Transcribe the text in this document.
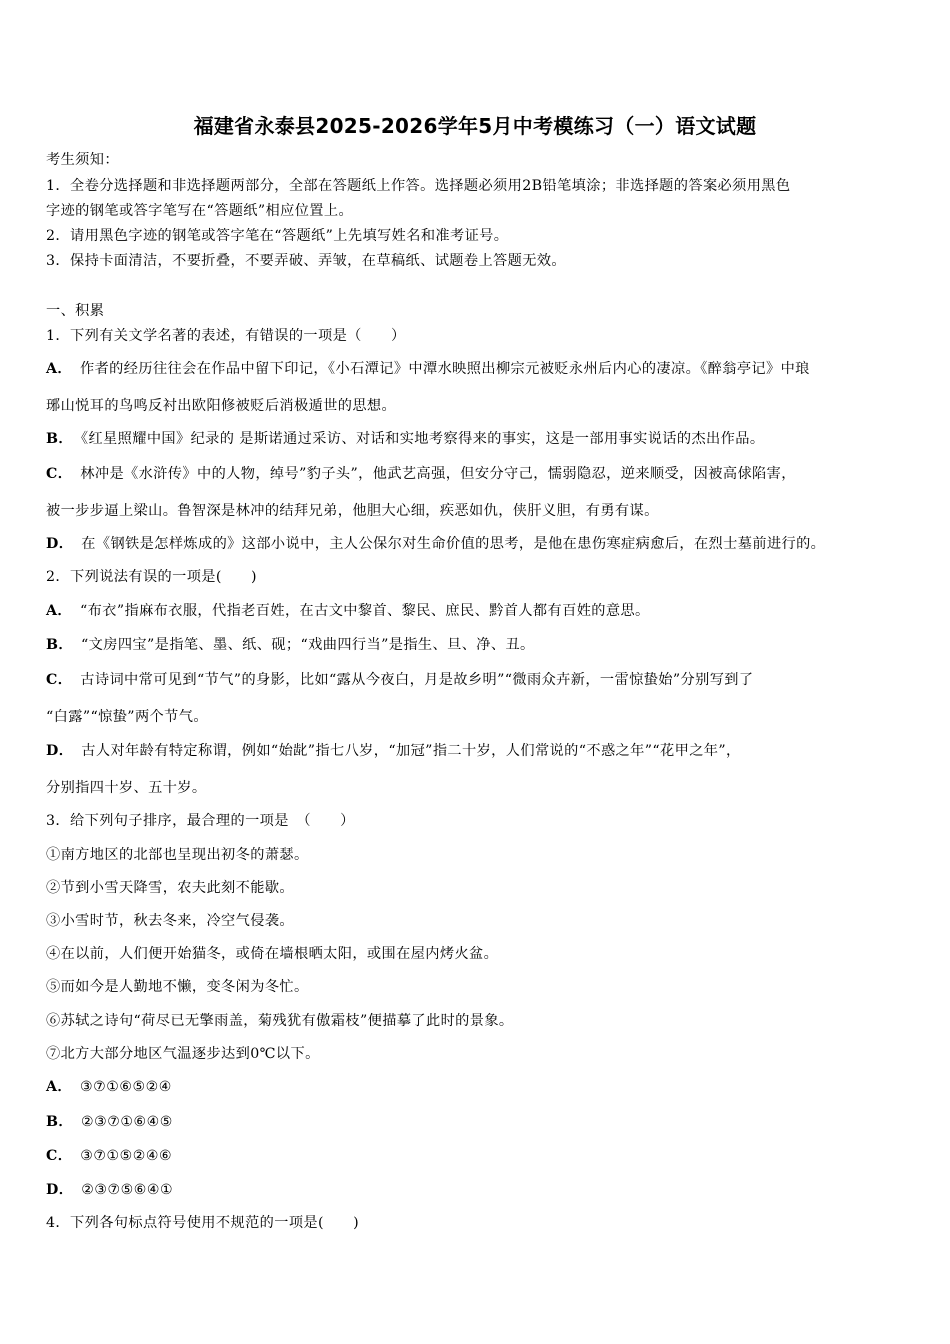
福建省永泰县2025-2026学年5月中考模练习（一）语文试题
考生须知：
1．全卷分选择题和非选择题两部分，全部在答题纸上作答。选择题必须用2B铅笔填涂；非选择题的答案必须用黑色
字迹的钢笔或答字笔写在“答题纸”相应位置上。
2．请用黑色字迹的钢笔或答字笔在“答题纸”上先填写姓名和准考证号。
3．保持卡面清洁，不要折叠，不要弄破、弄皱，在草稿纸、试题卷上答题无效。
一、积累
1．下列有关文学名著的表述，有错误的一项是（　　）
A． 作者的经历往往会在作品中留下印记，《小石潭记》中潭水映照出柳宗元被贬永州后内心的凄凉。《醉翁亭记》中琅
琊山悦耳的鸟鸣反衬出欧阳修被贬后消极遁世的思想。
B． 《红星照耀中国》纪录的 是斯诺通过采访、对话和实地考察得来的事实，这是一部用事实说话的杰出作品。
C． 林冲是《水浒传》中的人物，绰号”豹子头”，他武艺高强，但安分守己，懦弱隐忍，逆来顺受，因被高俅陷害，
被一步步逼上梁山。鲁智深是林冲的结拜兄弟，他胆大心细，疾恶如仇，侠肝义胆，有勇有谋。
D． 在《钢铁是怎样炼成的》这部小说中，主人公保尔对生命价值的思考，是他在患伤寒症病愈后，在烈士墓前进行的。
2．下列说法有误的一项是(　　)
A． “布衣”指麻布衣服，代指老百姓，在古文中黎首、黎民、庶民、黔首人都有百姓的意思。
B． “文房四宝”是指笔、墨、纸、砚；“戏曲四行当”是指生、旦、净、丑。
C． 古诗词中常可见到“节气”的身影，比如“露从今夜白，月是故乡明”“微雨众卉新，一雷惊蛰始”分别写到了
“白露”“惊蛰”两个节气。
D． 古人对年龄有特定称谓，例如“始龀”指七八岁，“加冠”指二十岁，人们常说的“不惑之年”“花甲之年”，
分别指四十岁、五十岁。
3．给下列句子排序，最合理的一项是　（　　）
①南方地区的北部也呈现出初冬的萧瑟。
②节到小雪天降雪，农夫此刻不能歇。
③小雪时节，秋去冬来，冷空气侵袭。
④在以前，人们便开始猫冬，或倚在墙根晒太阳，或围在屋内烤火盆。
⑤而如今是人勤地不懒，变冬闲为冬忙。
⑥苏轼之诗句“荷尽已无擎雨盖，菊残犹有傲霜枝”便描摹了此时的景象。
⑦北方大部分地区气温逐步达到0℃以下。
A． ③⑦①⑥⑤②④
B． ②③⑦①⑥④⑤
C． ③⑦①⑤②④⑥
D． ②③⑦⑤⑥④①
4．下列各句标点符号使用不规范的一项是(　　)
